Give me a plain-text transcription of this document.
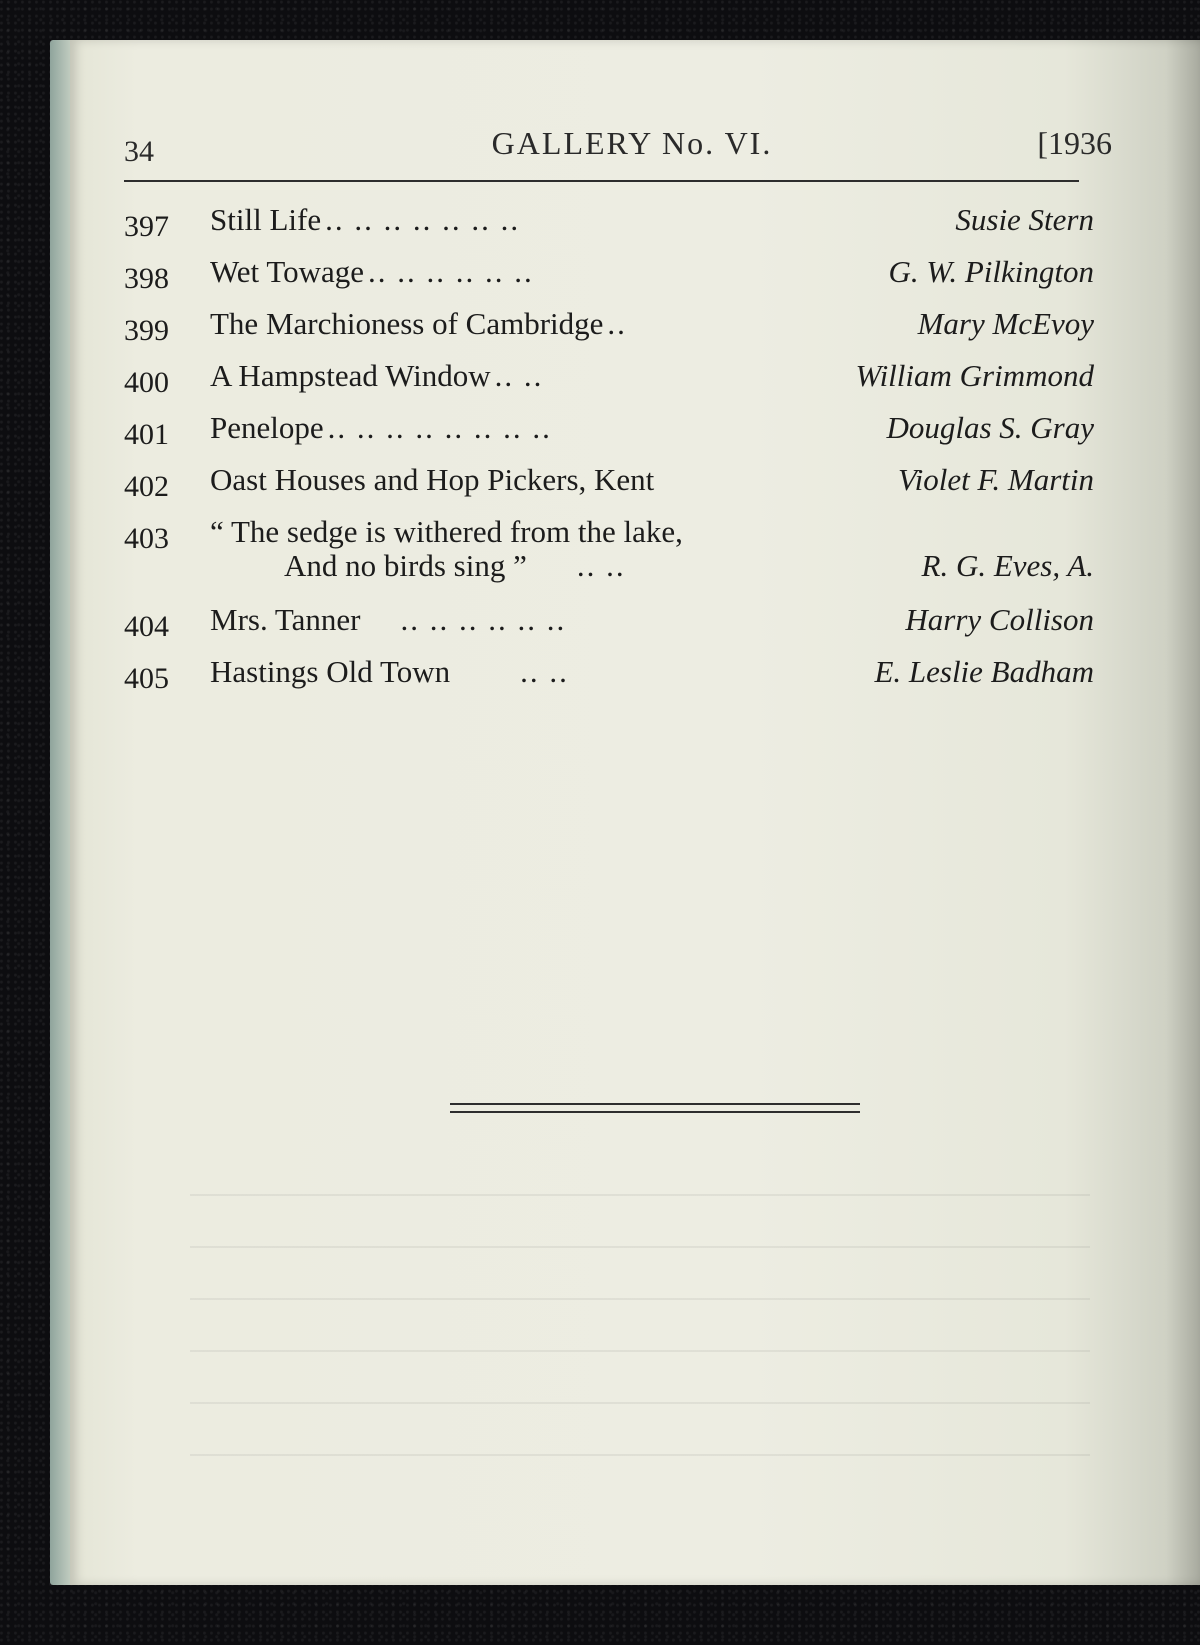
34	GALLERY No. VI.	[1936
397 Still Life .. .. .. .. .. .. ..	Susie Stern
398 Wet Towage .. .. .. .. .. ..	G. W. Pilkington
399 The Marchioness of Cambridge ..	Mary McEvoy
400 A Hampstead Window .. ..	William Grimmond
401 Penelope .. .. .. .. .. .. .. ..	Douglas S. Gray
402 Oast Houses and Hop Pickers, Kent	Violet F. Martin
403 “ The sedge is withered from the lake,
And no birds sing ” .. ..	R. G. Eves, A.
404 Mrs. Tanner .. .. .. .. .. ..	Harry Collison
405 Hastings Old Town .. ..	E. Leslie Badham
